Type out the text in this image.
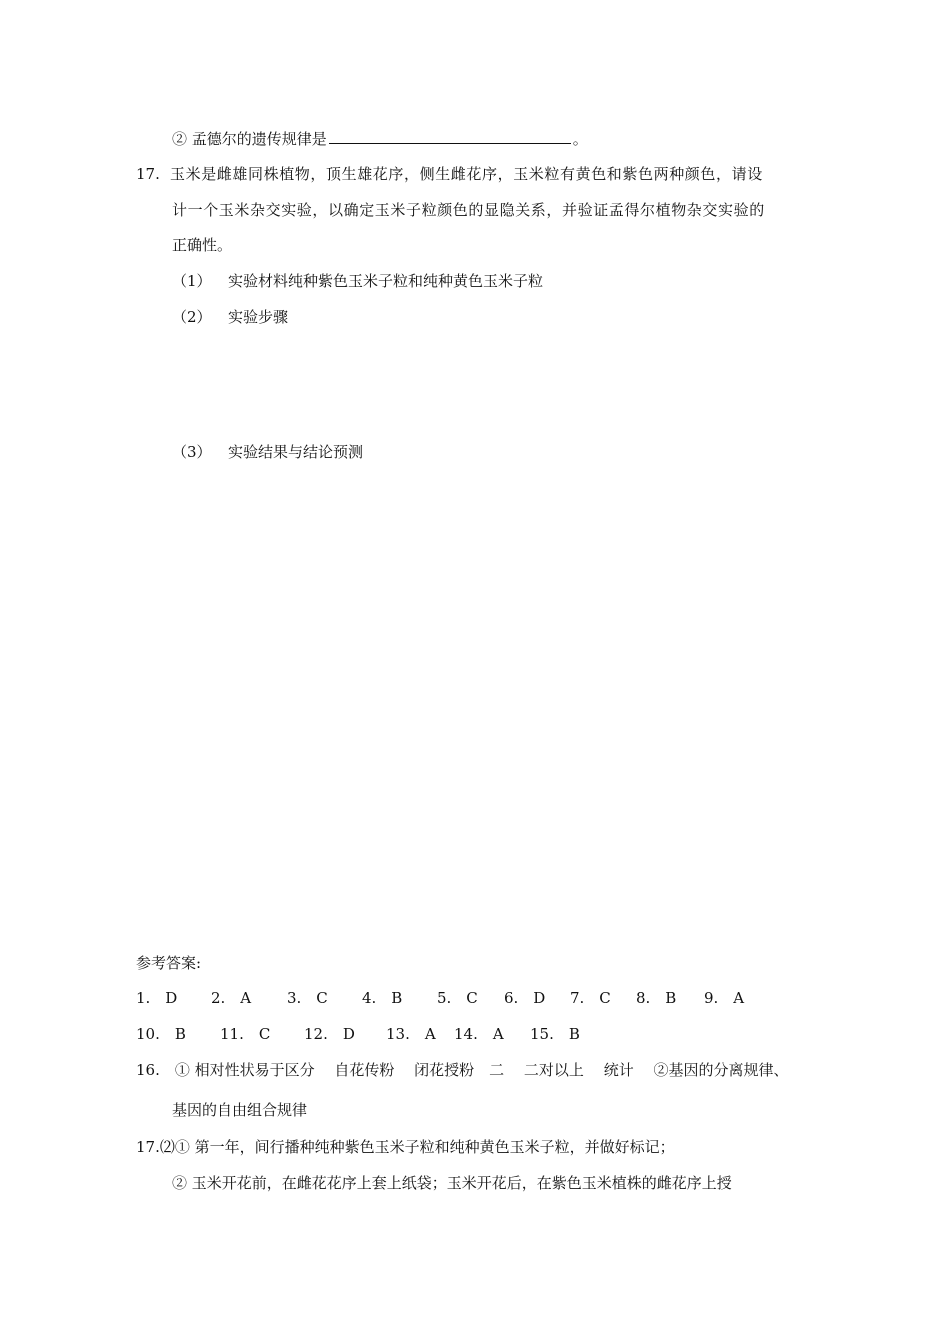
② 孟德尔的遗传规律是	。
17. 玉米是雌雄同株植物，顶生雄花序，侧生雌花序，玉米粒有黄色和紫色两种颜色，请设
计一个玉米杂交实验，以确定玉米子粒颜色的显隐关系，并验证孟得尔植物杂交实验的
正确性。
（1） 实验材料纯种紫色玉米子粒和纯种黄色玉米子粒
（2） 实验步骤
（3） 实验结果与结论预测
参考答案:
1.　D 2.　A 3.　C 4.　B 5.　C 6.　D 7.　C 8.　B 9.　A
10.　B 11.　C 12.　D 13.　A 14.　A 15.　B
16.　① 相对性状易于区分　 自花传粉　 闭花授粉　二　 二对以上　 统计　 ②基因的分离规律、
基因的自由组合规律
17.⑵① 第一年，间行播种纯种紫色玉米子粒和纯种黄色玉米子粒，并做好标记；
② 玉米开花前，在雌花花序上套上纸袋；玉米开花后，在紫色玉米植株的雌花序上授
